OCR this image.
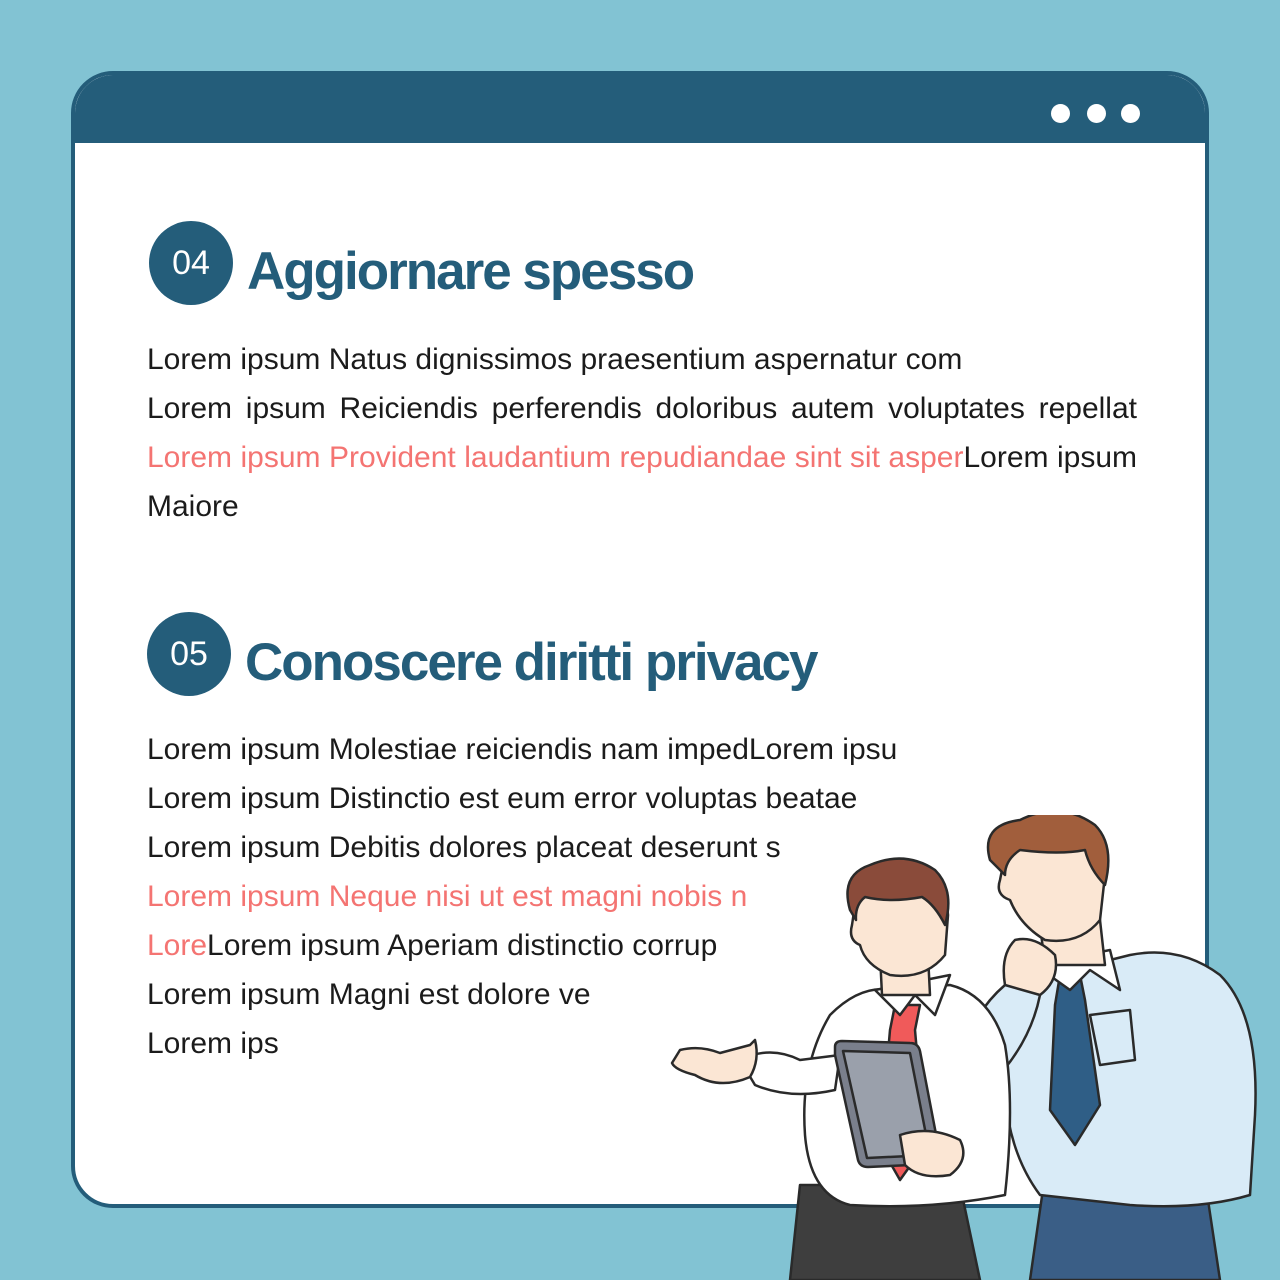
04 Aggiornare spesso
Lorem ipsum Natus dignissimos praesentium aspernatur com
Lorem ipsum Reiciendis perferendis doloribus autem voluptates repellat Lorem ipsum Provident laudantium repudiandae sint sit asperLorem ipsum Maiore
05 Conoscere diritti privacy
Lorem ipsum Molestiae reiciendis nam impedLorem ipsu
Lorem ipsum Distinctio est eum error voluptas beatae
Lorem ipsum Debitis dolores placeat deserunt s
Lorem ipsum Neque nisi ut est magni nobis n
LoreLorem ipsum Aperiam distinctio corrup
Lorem ipsum Magni est dolore ve
Lorem ips
